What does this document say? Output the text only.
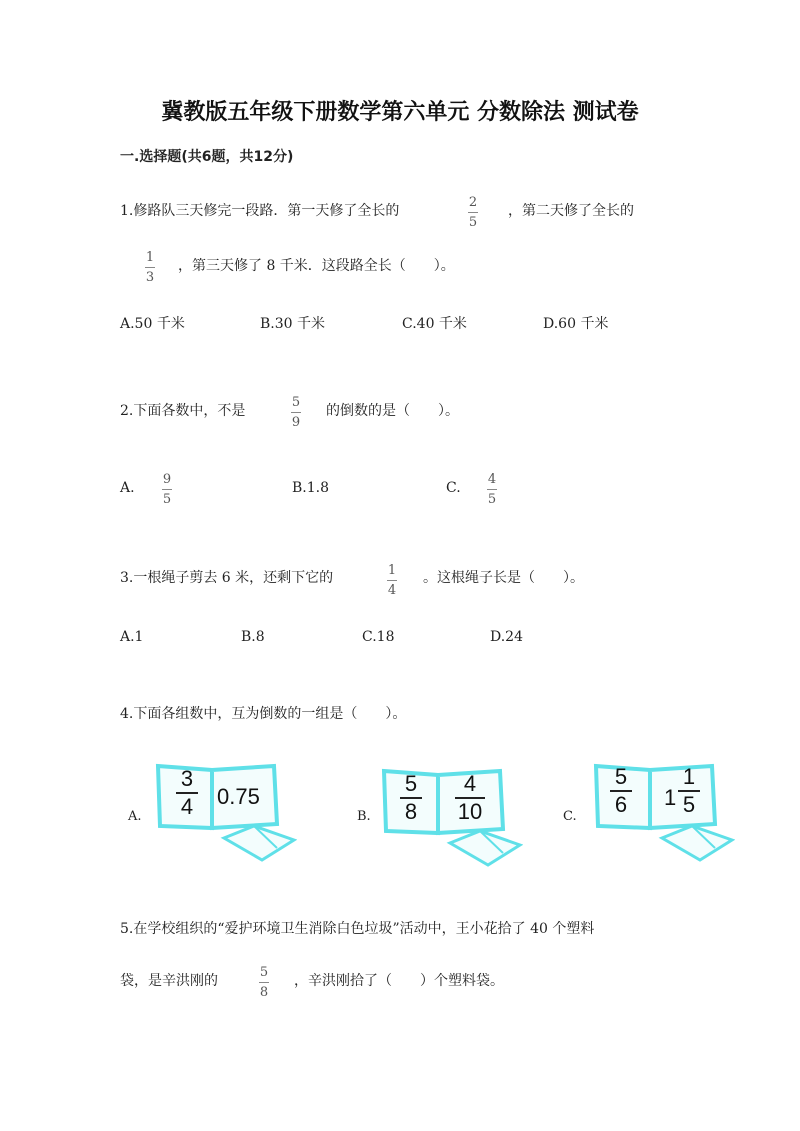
冀教版五年级下册数学第六单元 分数除法 测试卷
一.选择题(共6题，共12分)
1.修路队三天修完一段路．第一天修了全长的
2
5
，第二天修了全长的
1
3
，第三天修了 8 千米．这段路全长（　　）。
A.50 千米	B.30 千米	C.40 千米	D.60 千米
2.下面各数中，不是
5
9
的倒数的是（　　）。
A.
9
5
B.1.8	C.
4
5
3.一根绳子剪去 6 米，还剩下它的	1
4
。这根绳子长是（　　）。
A.1	B.8	C.18	D.24
4.下面各组数中，互为倒数的一组是（　　）。
A.
3
4 0.75
B.
5
8
4
10	C.
5
6 1
1
5
5.在学校组织的“爱护环境卫生消除白色垃圾”活动中，王小花拾了 40 个塑料
袋，是辛洪刚的
5
8
，辛洪刚拾了（　　）个塑料袋。
